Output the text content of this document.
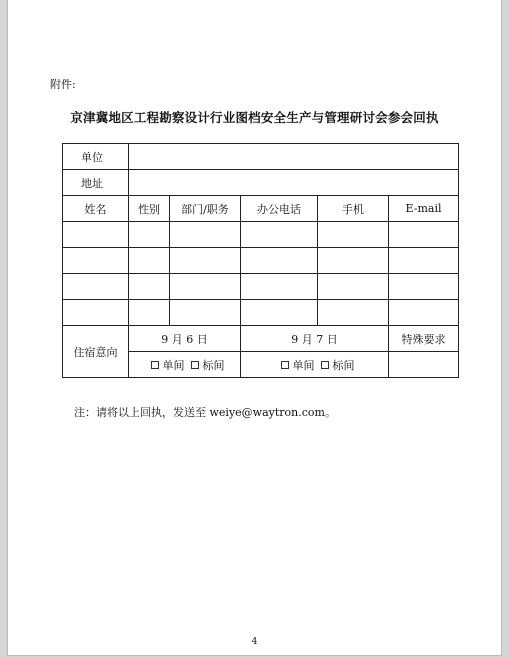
附件:
京津冀地区工程勘察设计行业图档安全生产与管理研讨会参会回执
单位					
地址					
姓名	性别	部门/职务	办公电话	手机	E-mail

住宿意向	9 月 6 日		9 月 7 日		特殊要求
	单间 标间		单间 标间		
注：请将以上回执，发送至 weiye@waytron.com。
4
